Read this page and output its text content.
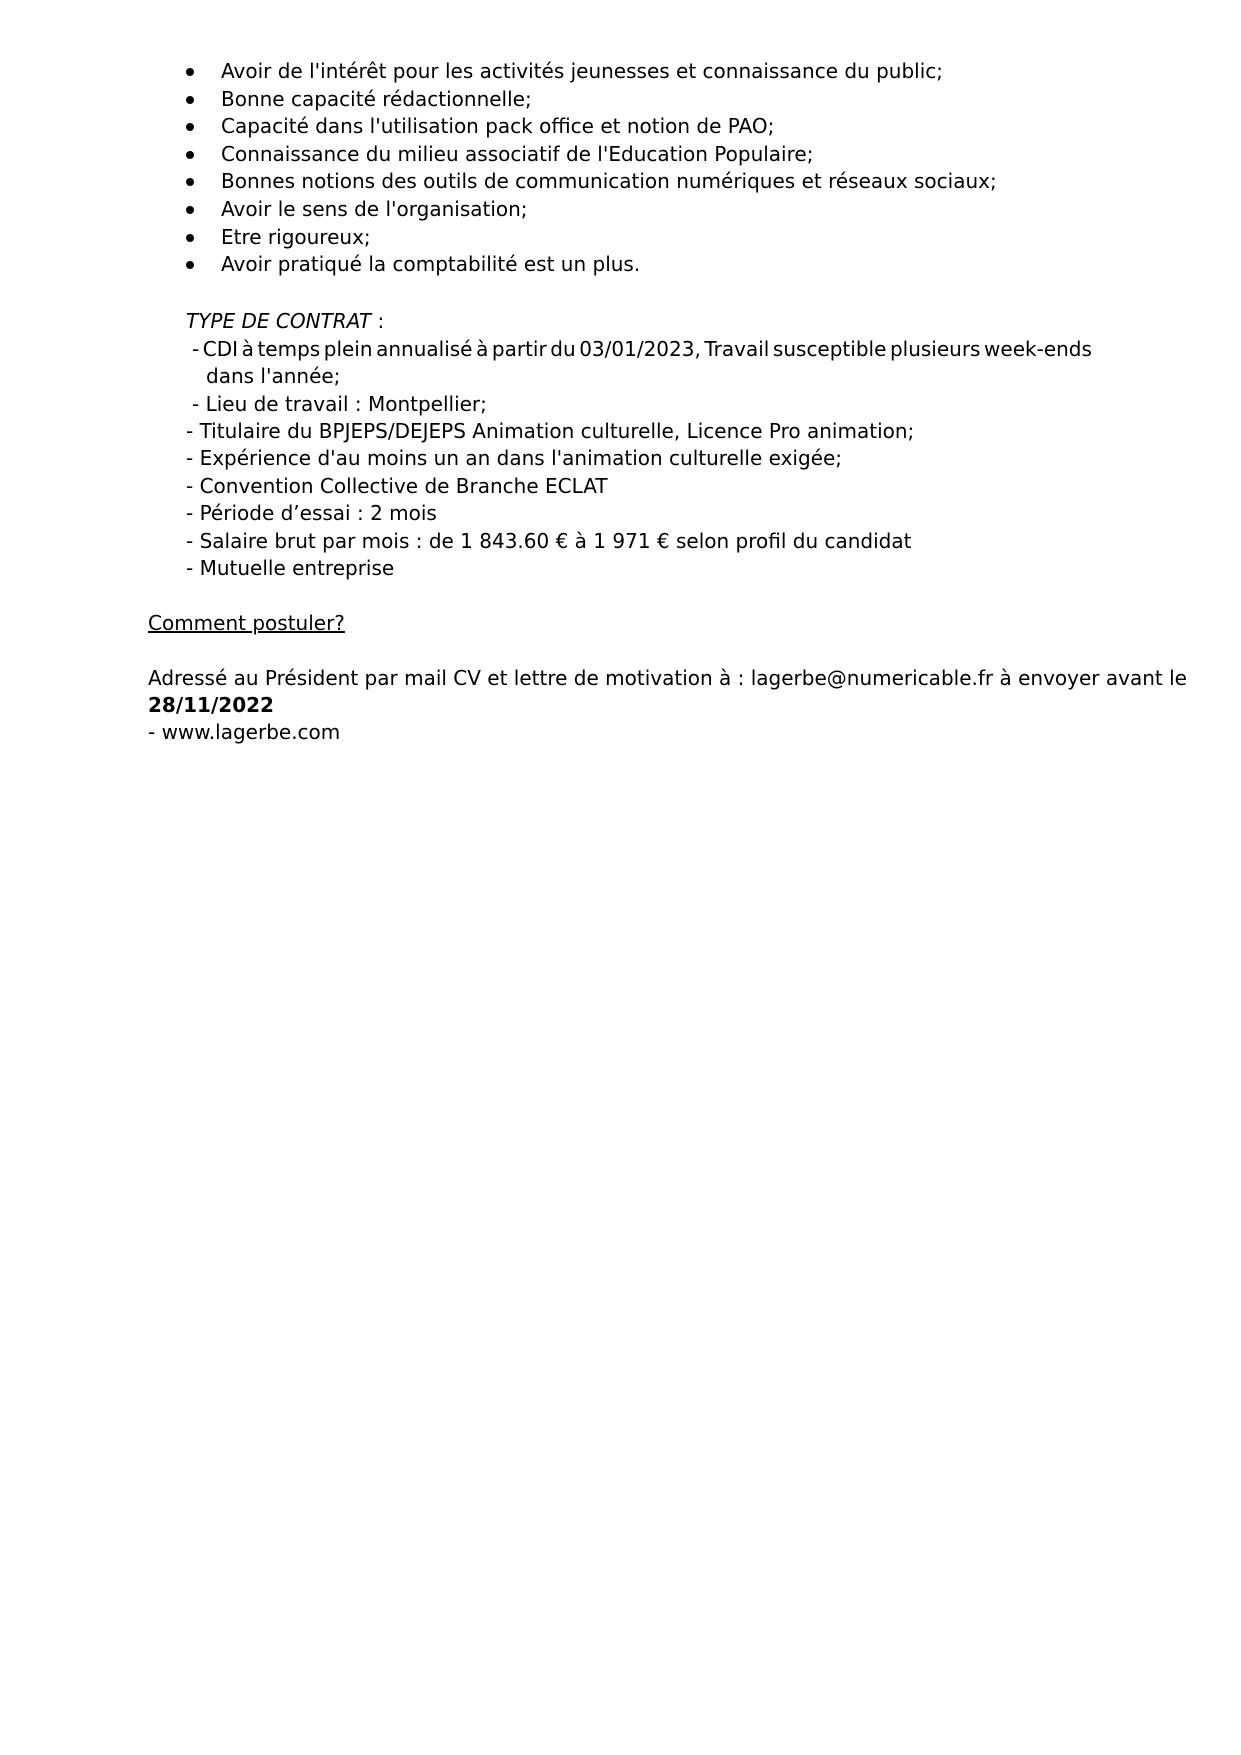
Avoir de l'intérêt pour les activités jeunesses et connaissance du public;
Bonne capacité rédactionnelle;
Capacité dans l'utilisation pack office et notion de PAO;
Connaissance du milieu associatif de l'Education Populaire;
Bonnes notions des outils de communication numériques et réseaux sociaux;
Avoir le sens de l'organisation;
Etre rigoureux;
Avoir pratiqué la comptabilité est un plus.
TYPE DE CONTRAT :
- CDI à temps plein annualisé à partir du 03/01/2023, Travail susceptible plusieurs week-ends
dans l'année;
- Lieu de travail : Montpellier;
- Titulaire du BPJEPS/DEJEPS Animation culturelle, Licence Pro animation;
- Expérience d'au moins un an dans l'animation culturelle exigée;
- Convention Collective de Branche ECLAT
- Période d’essai : 2 mois
- Salaire brut par mois : de 1 843.60 € à 1 971 € selon profil du candidat
- Mutuelle entreprise
Comment postuler?
Adressé au Président par mail CV et lettre de motivation à : lagerbe@numericable.fr à envoyer avant le
28/11/2022
- www.lagerbe.com
